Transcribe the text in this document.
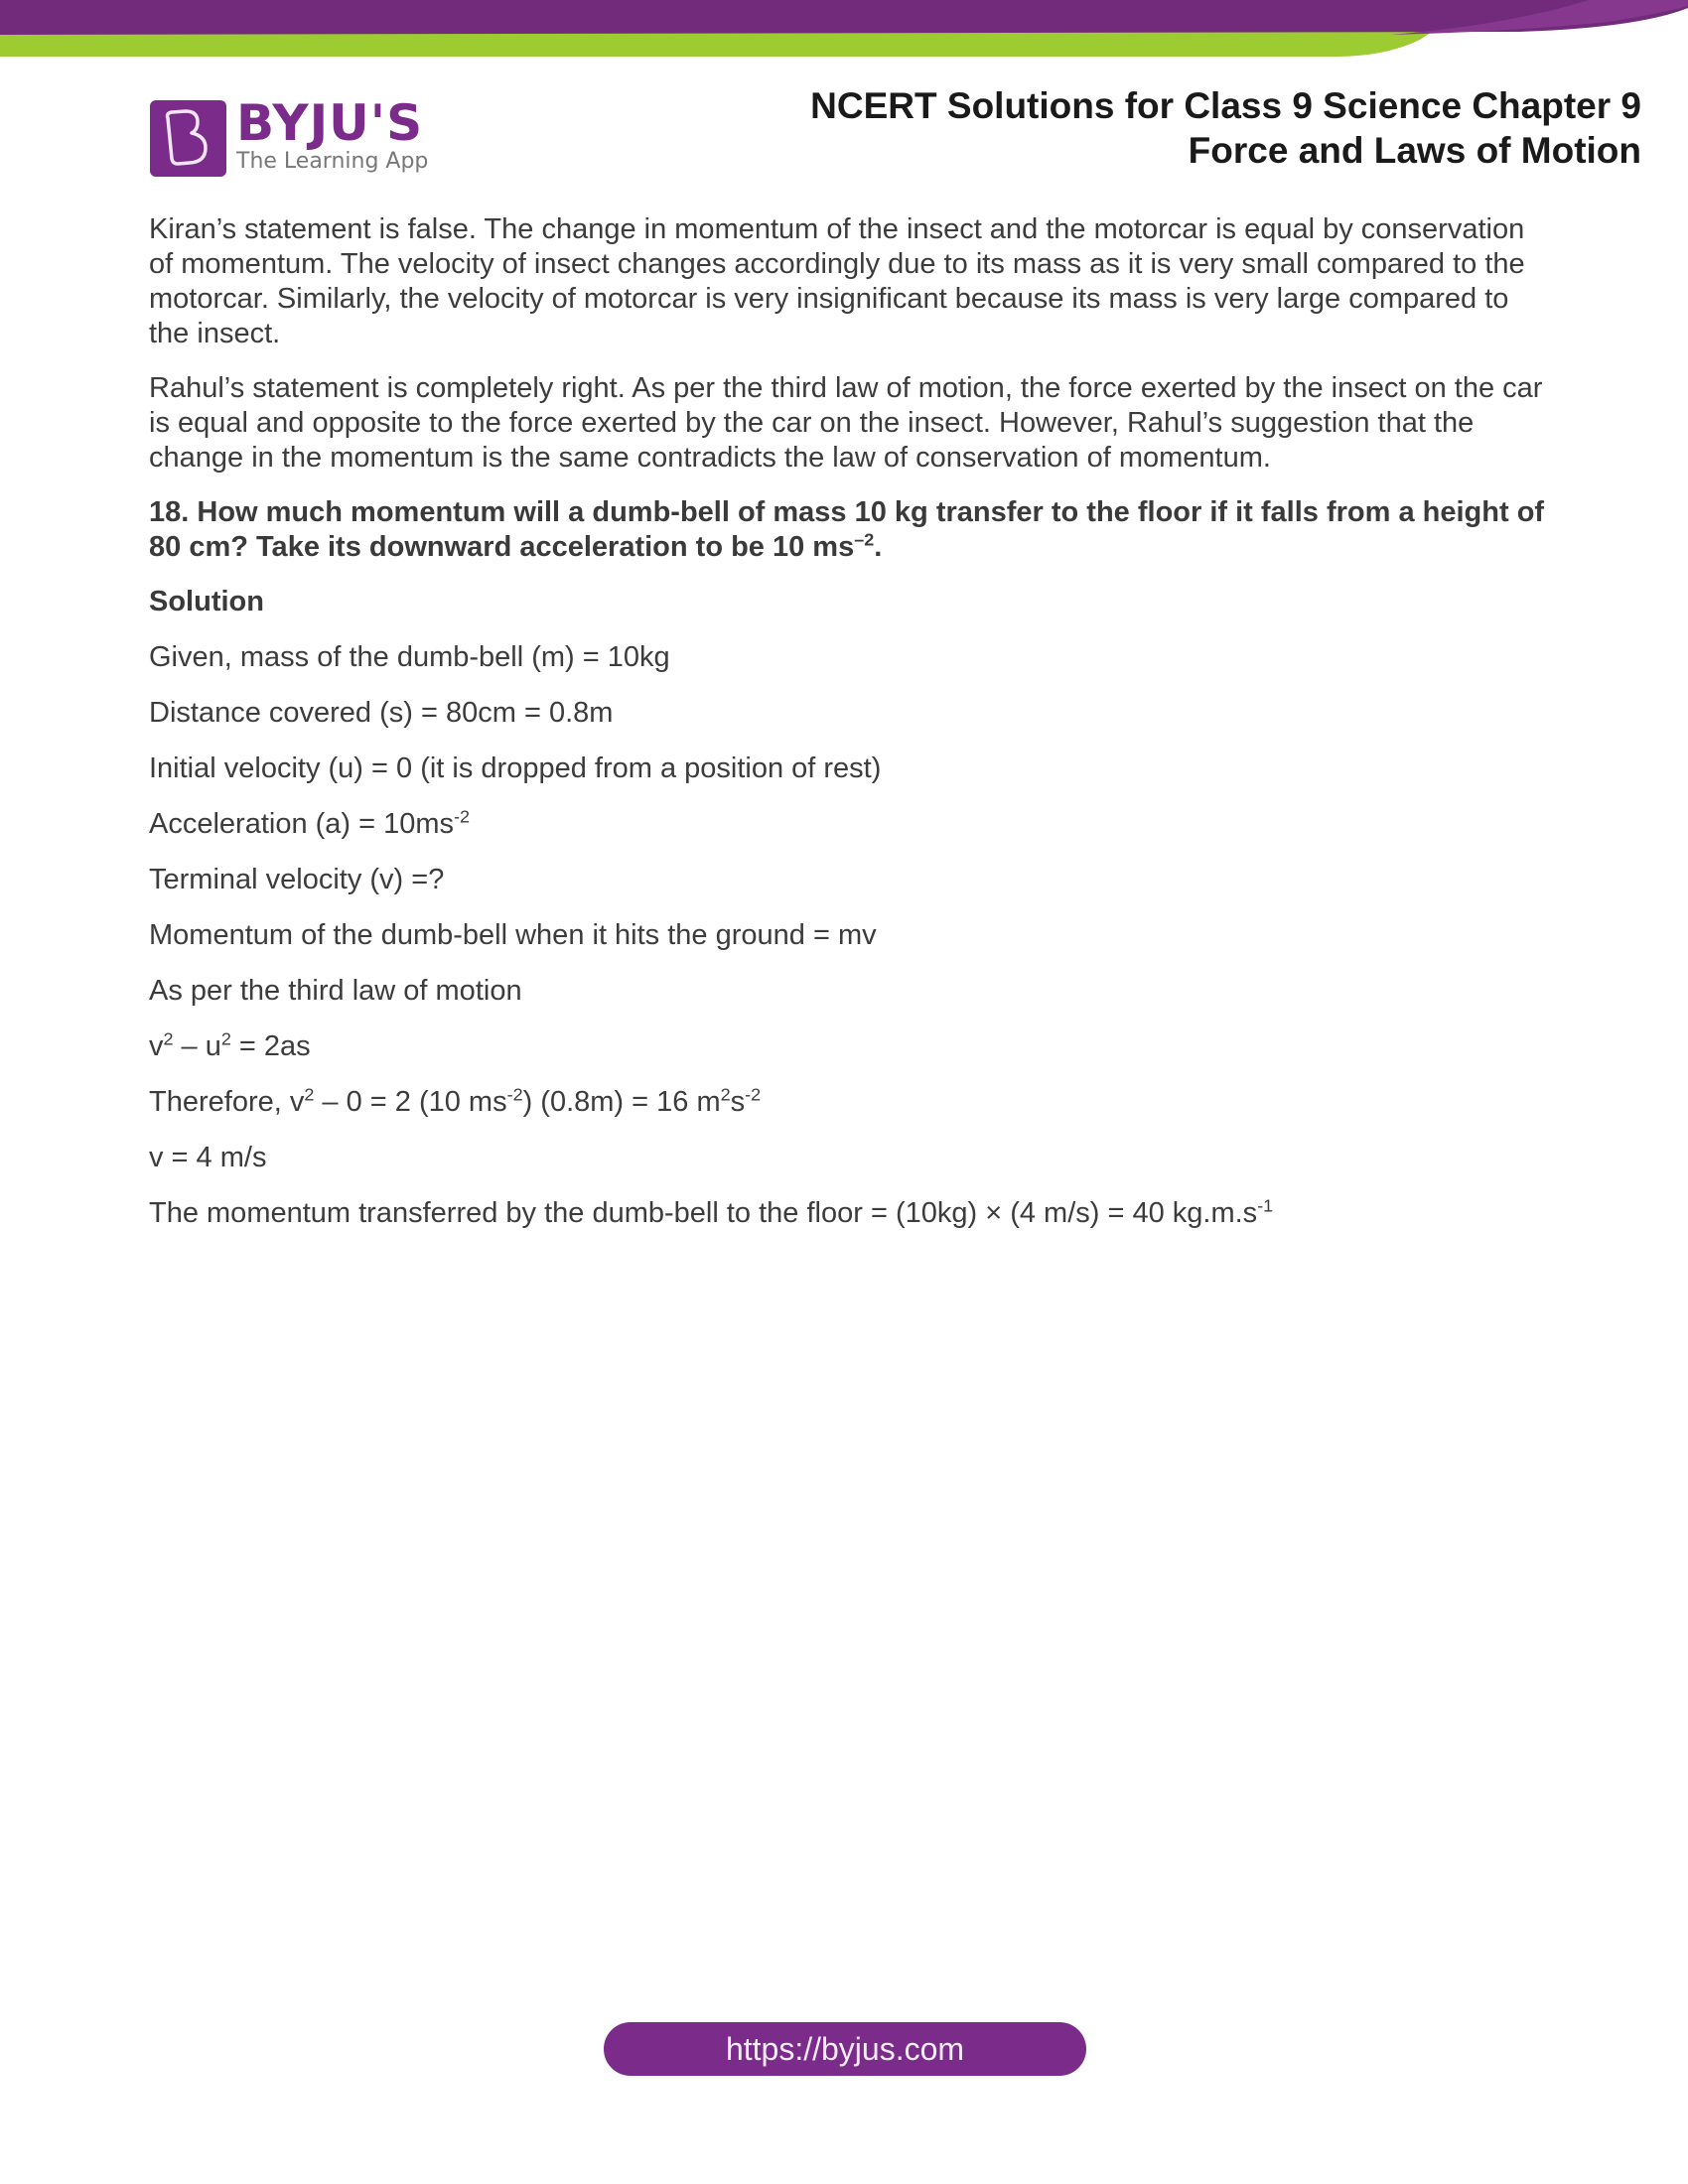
BYJU'S
The Learning App
NCERT Solutions for Class 9 Science Chapter 9
Force and Laws of Motion

Kiran’s statement is false. The change in momentum of the insect and the motorcar is equal by conservation of momentum. The velocity of insect changes accordingly due to its mass as it is very small compared to the motorcar. Similarly, the velocity of motorcar is very insignificant because its mass is very large compared to the insect.

Rahul’s statement is completely right. As per the third law of motion, the force exerted by the insect on the car is equal and opposite to the force exerted by the car on the insect. However, Rahul’s suggestion that the change in the momentum is the same contradicts the law of conservation of momentum.

18. How much momentum will a dumb-bell of mass 10 kg transfer to the floor if it falls from a height of 80 cm? Take its downward acceleration to be 10 $ms^{-2}$.

Solution

Given, mass of the dumb-bell (m) = 10kg

Distance covered (s) = 80cm = 0.8m

Initial velocity (u) = 0 (it is dropped from a position of rest)

Acceleration $(a) = 10ms^{-2}$

Terminal velocity (v) =?

Momentum of the dumb-bell when it hits the ground = mv

As per the third law of motion

$v^2 - u^2 = 2as$

Therefore, $v^2 - 0 = 2$ (10 $ms^{-2}$) (0.8m) = 16 $m^2s^{-2}$

v = 4 m/s

The momentum transferred by the dumb-bell to the floor = (10kg) × (4 m/s) = 40 $kg.m.s^{-1}$

https://byjus.com
